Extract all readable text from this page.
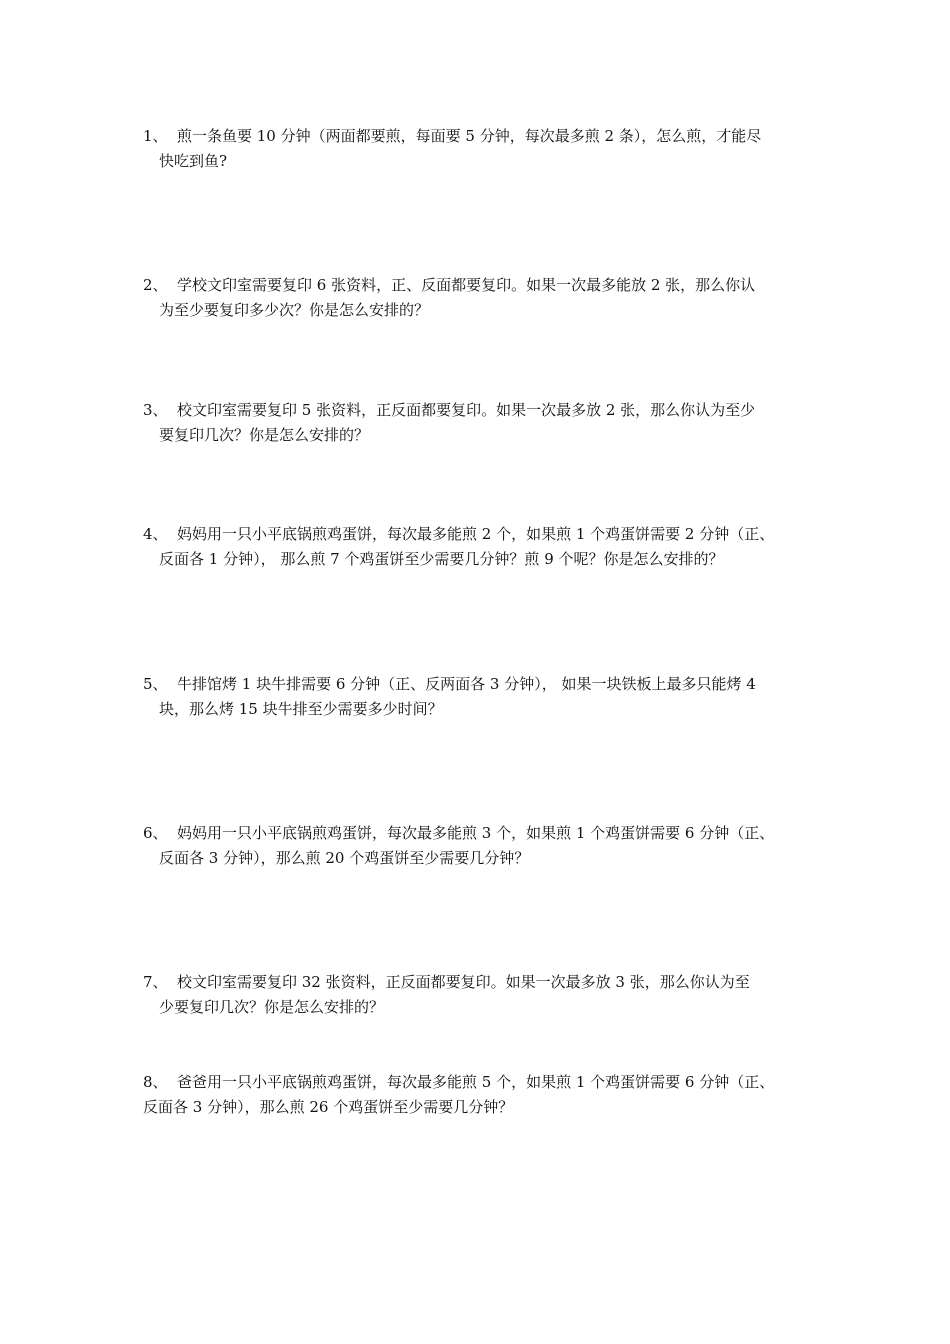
1、 煎一条鱼要 10 分钟（两面都要煎，每面要 5 分钟，每次最多煎 2 条），怎么煎，才能尽
快吃到鱼?
2、 学校文印室需要复印 6 张资料，正、反面都要复印。如果一次最多能放 2 张，那么你认
为至少要复印多少次？你是怎么安排的？
3、 校文印室需要复印 5 张资料，正反面都要复印。如果一次最多放 2 张，那么你认为至少
要复印几次？你是怎么安排的？
4、 妈妈用一只小平底锅煎鸡蛋饼，每次最多能煎 2 个，如果煎 1 个鸡蛋饼需要 2 分钟（正、
反面各 1 分钟）， 那么煎 7 个鸡蛋饼至少需要几分钟？煎 9 个呢？你是怎么安排的？
5、 牛排馆烤 1 块牛排需要 6 分钟（正、反两面各 3 分钟）， 如果一块铁板上最多只能烤 4
块，那么烤 15 块牛排至少需要多少时间？
6、 妈妈用一只小平底锅煎鸡蛋饼，每次最多能煎 3 个，如果煎 1 个鸡蛋饼需要 6 分钟（正、
反面各 3 分钟），那么煎 20 个鸡蛋饼至少需要几分钟？
7、 校文印室需要复印 32 张资料，正反面都要复印。如果一次最多放 3 张，那么你认为至
少要复印几次？你是怎么安排的？
8、 爸爸用一只小平底锅煎鸡蛋饼，每次最多能煎 5 个，如果煎 1 个鸡蛋饼需要 6 分钟（正、
反面各 3 分钟），那么煎 26 个鸡蛋饼至少需要几分钟？
